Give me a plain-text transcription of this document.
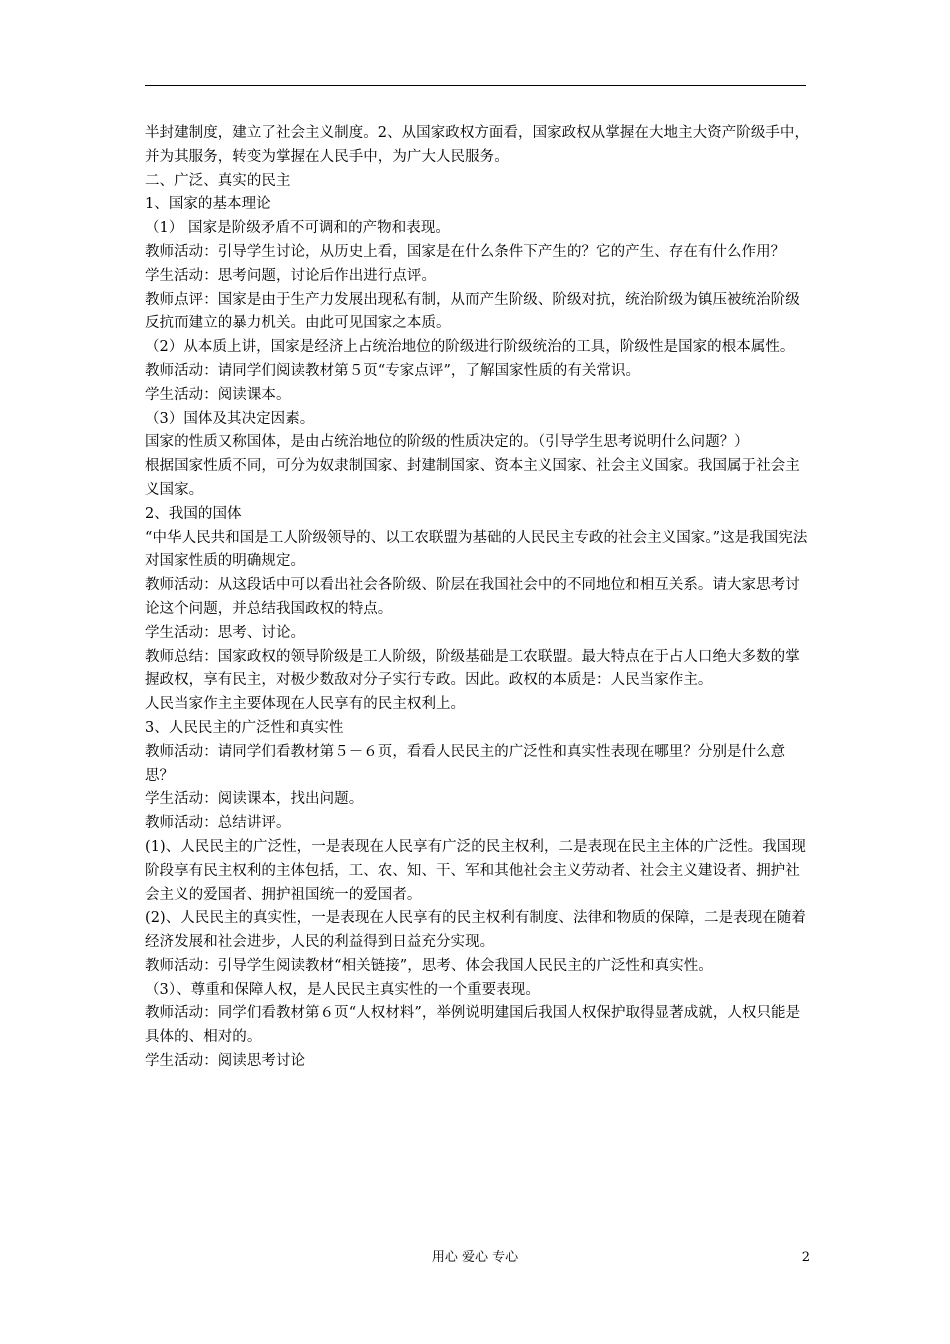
半封建制度，建立了社会主义制度。2、从国家政权方面看，国家政权从掌握在大地主大资产阶级手中，并为其服务，转变为掌握在人民手中，为广大人民服务。

二、广泛、真实的民主

1、国家的基本理论

（1） 国家是阶级矛盾不可调和的产物和表现。

教师活动：引导学生讨论，从历史上看，国家是在什么条件下产生的？它的产生、存在有什么作用？

学生活动：思考问题，讨论后作出进行点评。

教师点评：国家是由于生产力发展出现私有制，从而产生阶级、阶级对抗，统治阶级为镇压被统治阶级反抗而建立的暴力机关。由此可见国家之本质。

（2）从本质上讲，国家是经济上占统治地位的阶级进行阶级统治的工具，阶级性是国家的根本属性。

教师活动：请同学们阅读教材第５页“专家点评”，了解国家性质的有关常识。

学生活动：阅读课本。

（3）国体及其决定因素。

国家的性质又称国体，是由占统治地位的阶级的性质决定的。（引导学生思考说明什么问题？）

根据国家性质不同，可分为奴隶制国家、封建制国家、资本主义国家、社会主义国家。我国属于社会主义国家。

2、我国的国体

“中华人民共和国是工人阶级领导的、以工农联盟为基础的人民民主专政的社会主义国家。”这是我国宪法对国家性质的明确规定。

教师活动：从这段话中可以看出社会各阶级、阶层在我国社会中的不同地位和相互关系。请大家思考讨论这个问题，并总结我国政权的特点。

学生活动：思考、讨论。

教师总结：国家政权的领导阶级是工人阶级，阶级基础是工农联盟。最大特点在于占人口绝大多数的掌握政权，享有民主，对极少数敌对分子实行专政。因此。政权的本质是：人民当家作主。

人民当家作主主要体现在人民享有的民主权利上。

3、人民民主的广泛性和真实性

教师活动：请同学们看教材第５－６页，看看人民民主的广泛性和真实性表现在哪里？分别是什么意思？

学生活动：阅读课本，找出问题。

教师活动：总结讲评。

(1)、人民民主的广泛性，一是表现在人民享有广泛的民主权利，二是表现在民主主体的广泛性。我国现阶段享有民主权利的主体包括，工、农、知、干、军和其他社会主义劳动者、社会主义建设者、拥护社会主义的爱国者、拥护祖国统一的爱国者。

(2)、人民民主的真实性，一是表现在人民享有的民主权利有制度、法律和物质的保障，二是表现在随着经济发展和社会进步，人民的利益得到日益充分实现。

教师活动：引导学生阅读教材“相关链接”，思考、体会我国人民民主的广泛性和真实性。

（3）、尊重和保障人权，是人民民主真实性的一个重要表现。

教师活动：同学们看教材第６页“人权材料”，举例说明建国后我国人权保护取得显著成就，人权只能是具体的、相对的。

学生活动：阅读思考讨论

用心 爱心 专心	2
